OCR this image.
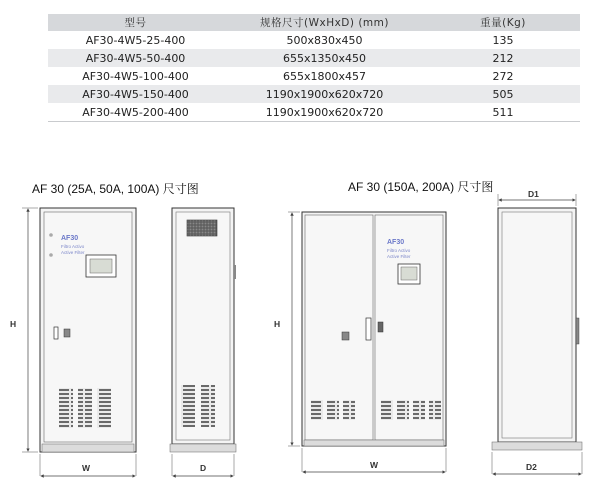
型号	规格尺寸(WxHxD) (mm)	重量(Kg)
AF30-4W5-25-400	500x830x450	135
AF30-4W5-50-400	655x1350x450	212
AF30-4W5-100-400	655x1800x457	272
AF30-4W5-150-400	1190x1900x620x720	505
AF30-4W5-200-400	1190x1900x620x720	511

AF 30 (25A, 50A, 100A) 尺寸图	AF 30 (150A, 200A) 尺寸图
AF30
Filtro Activo
Active Filter
H
W	D
AF30
Filtro Activo
Active Filter
H
W
D1
D2
